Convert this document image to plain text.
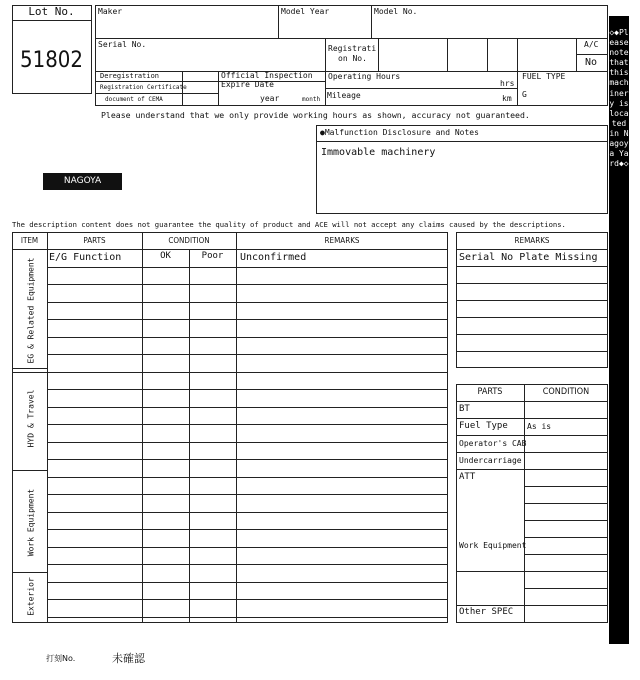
Lot No.
51802
Maker	Model Year	Model No.
Serial No.	Registrati
on No.
A/C
No
Deregistration
Registration Certificate
document of CEMA
Official Inspection
Expire Date
year	month
Operating Hours
hrs
Mileage	km
FUEL TYPE
G
Please understand that we only provide working hours as shown, accuracy not guaranteed.
●Malfunction Disclosure and Notes
Immovable machinery
NAGOYA
The description content does not guarantee the quality of product and ACE will not accept any claims caused by the descriptions.
ITEM	PARTS	CONDITION	REMARKS
E/G Function	OK	Poor	Unconfirmed
EG & Related Equipment
HYD & Travel
Work Equipment
Exterior
REMARKS
Serial No Plate Missing
PARTS	CONDITION
BT
Fuel Type As is
Operator's CAB
Undercarriage
ATT
Work Equipment
Other SPEC
打刻No.	未確認
◇◆Please note that this machinery is located in Nagoya Yard◆◇
